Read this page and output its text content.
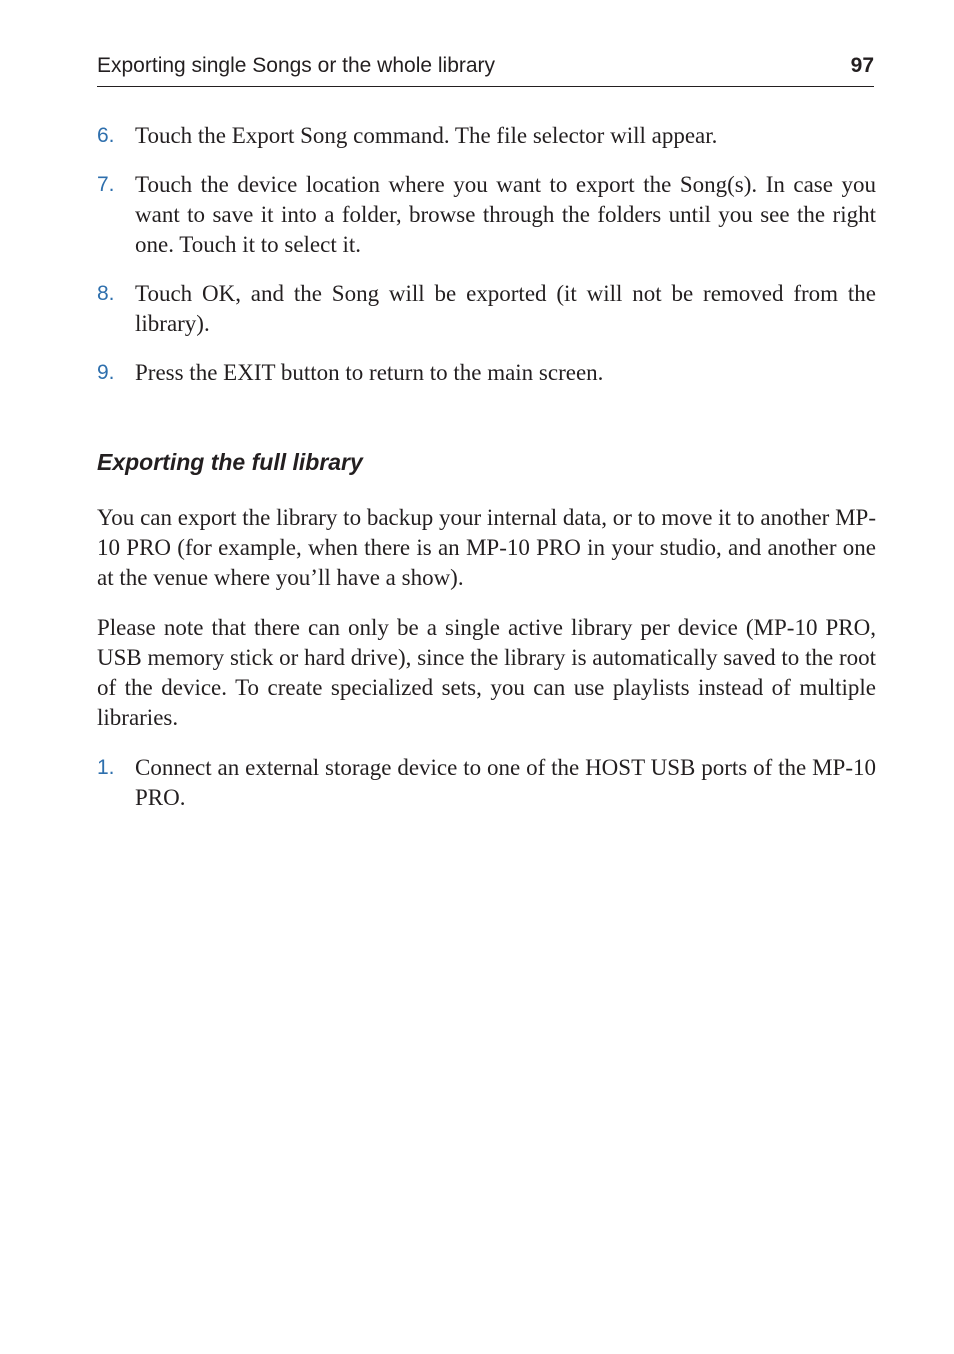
Exporting single Songs or the whole library	97
6. Touch the Export Song command. The file selector will appear.
7. Touch the device location where you want to export the Song(s). In case you want to save it into a folder, browse through the folders until you see the right one. Touch it to select it.
8. Touch OK, and the Song will be exported (it will not be removed from the library).
9. Press the EXIT button to return to the main screen.
Exporting the full library

You can export the library to backup your internal data, or to move it to another MP-10 PRO (for example, when there is an MP-10 PRO in your studio, and another one at the venue where you’ll have a show).

Please note that there can only be a single active library per device (MP-10 PRO, USB memory stick or hard drive), since the library is automatically saved to the root of the device. To create specialized sets, you can use playlists instead of multiple libraries.

1. Connect an external storage device to one of the HOST USB ports of the MP-10 PRO.
